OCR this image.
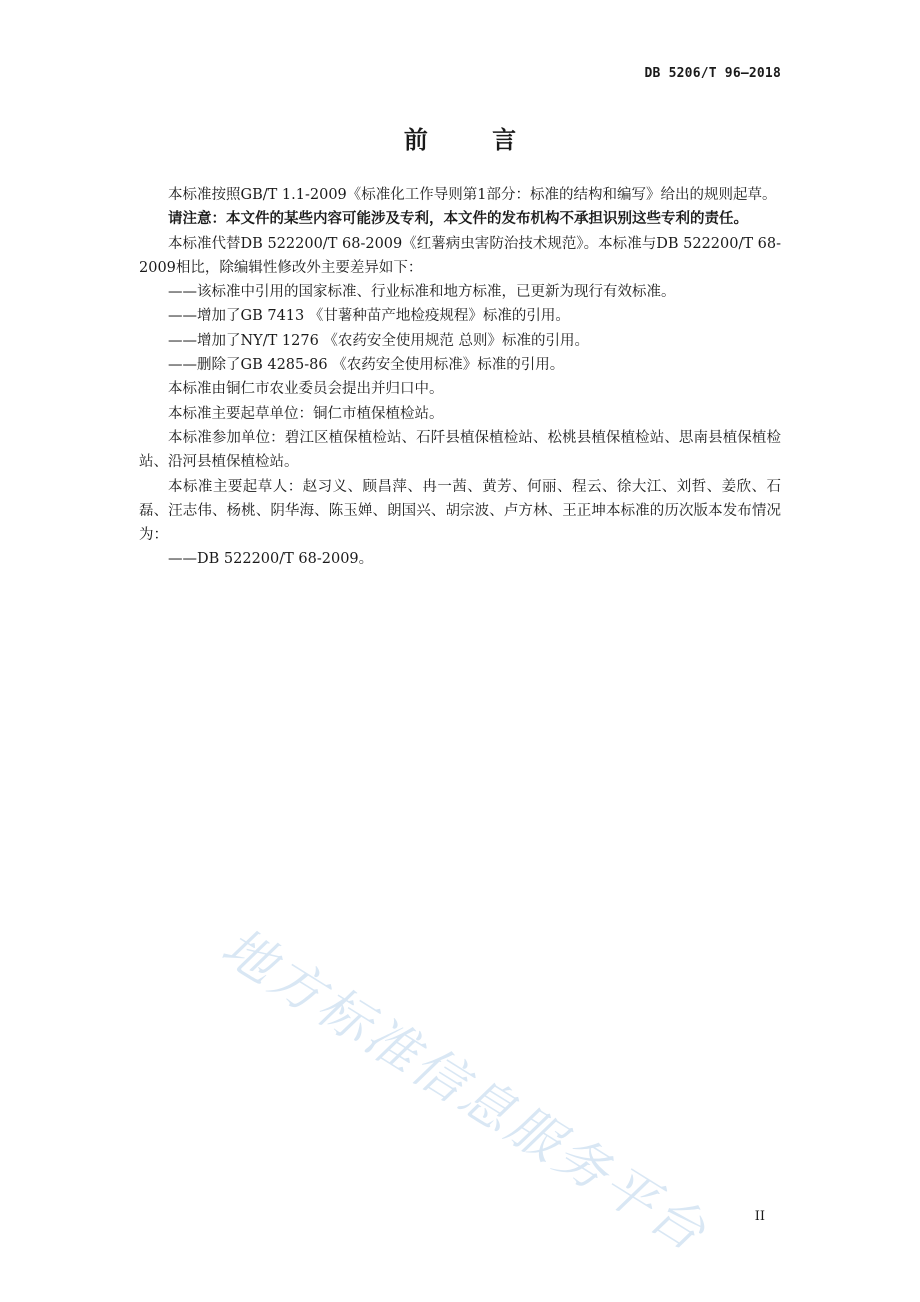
DB 5206/T 96—2018
前 言

本标准按照GB/T 1.1-2009《标准化工作导则第1部分：标准的结构和编写》给出的规则起草。

请注意：本文件的某些内容可能涉及专利，本文件的发布机构不承担识别这些专利的责任。

本标准代替DB 522200/T 68-2009《红薯病虫害防治技术规范》。本标准与DB 522200/T 68-2009相比，除编辑性修改外主要差异如下：

——该标准中引用的国家标准、行业标准和地方标准，已更新为现行有效标准。

——增加了GB 7413 《甘薯种苗产地检疫规程》标准的引用。

——增加了NY/T 1276 《农药安全使用规范 总则》标准的引用。

——删除了GB 4285-86 《农药安全使用标准》标准的引用。

本标准由铜仁市农业委员会提出并归口中。

本标准主要起草单位：铜仁市植保植检站。

本标准参加单位：碧江区植保植检站、石阡县植保植检站、松桃县植保植检站、思南县植保植检站、沿河县植保植检站。

本标准主要起草人：赵习义、顾昌萍、冉一茜、黄芳、何丽、程云、徐大江、刘哲、姜欣、石磊、汪志伟、杨桃、阴华海、陈玉婵、朗国兴、胡宗波、卢方林、王正坤本标准的历次版本发布情况为：

——DB 522200/T 68-2009。

地方标准信息服务平台	II
